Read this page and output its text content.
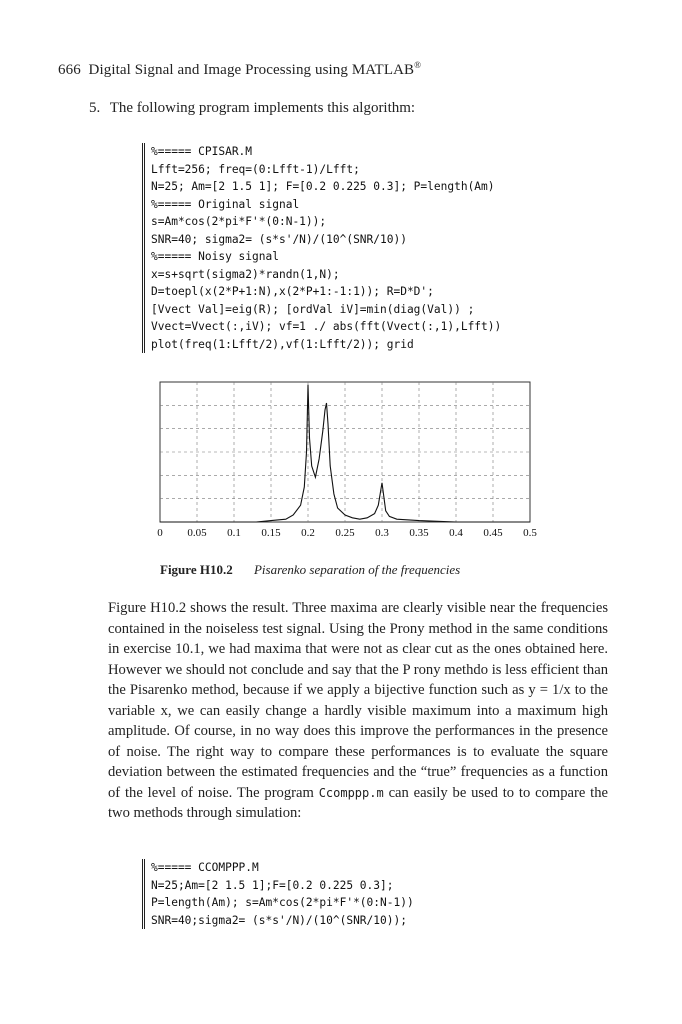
666 Digital Signal and Image Processing using MATLAB®
5. The following program implements this algorithm:
%===== CPISAR.M
Lfft=256; freq=(0:Lfft-1)/Lfft;
N=25; Am=[2 1.5 1]; F=[0.2 0.225 0.3]; P=length(Am)
%===== Original signal
s=Am*cos(2*pi*F'*(0:N-1));
SNR=40; sigma2= (s*s'/N)/(10^(SNR/10))
%===== Noisy signal
x=s+sqrt(sigma2)*randn(1,N);
D=toepl(x(2*P+1:N),x(2*P+1:-1:1)); R=D*D';
[Vvect Val]=eig(R); [ordVal iV]=min(diag(Val)) ;
Vvect=Vvect(:,iV); vf=1 ./ abs(fft(Vvect(:,1),Lfft))
plot(freq(1:Lfft/2),vf(1:Lfft/2)); grid
0 0.05 0.1 0.15 0.2 0.25 0.3 0.35 0.4 0.45 0.5
Figure H10.2 Pisarenko separation of the frequencies
Figure H10.2 shows the result. Three maxima are clearly visible near the frequencies contained in the noiseless test signal. Using the Prony method in the same conditions in exercise 10.1, we had maxima that were not as clear cut as the ones obtained here. However we should not conclude and say that the P rony methdo is less efficient than the Pisarenko method, because if we apply a bijective function such as y = 1/x to the variable x, we can easily change a hardly visible maximum into a maximum high amplitude. Of course, in no way does this improve the performances in the presence of noise. The right way to compare these performances is to evaluate the square deviation between the estimated frequencies and the “true” frequencies as a function of the level of noise. The program Ccomppp.m can easily be used to to compare the two methods through simulation:
%===== CCOMPPP.M
N=25;Am=[2 1.5 1];F=[0.2 0.225 0.3];
P=length(Am); s=Am*cos(2*pi*F'*(0:N-1))
SNR=40;sigma2= (s*s'/N)/(10^(SNR/10));
